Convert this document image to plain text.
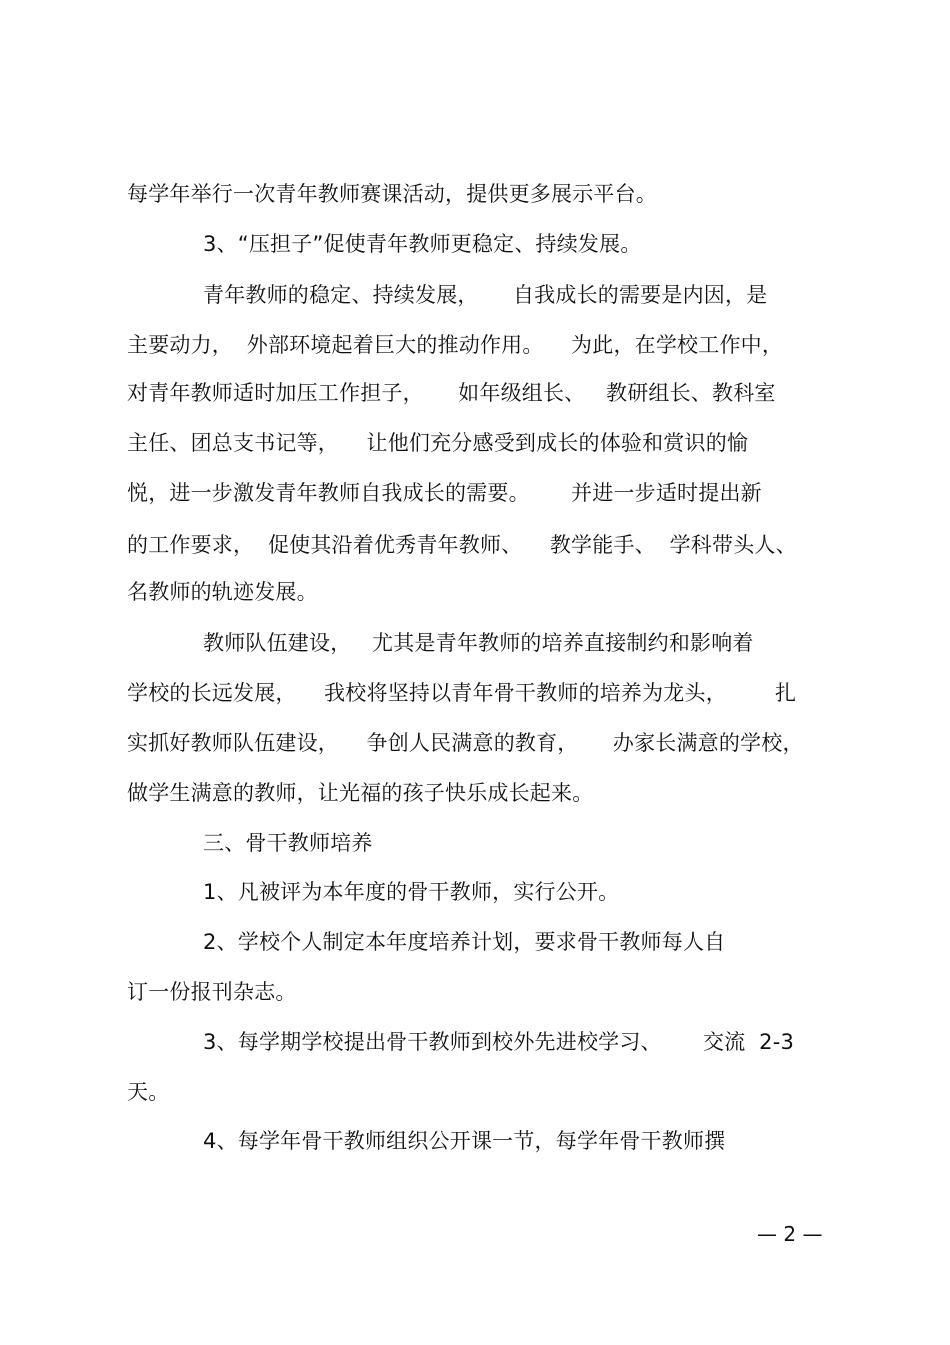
每学年举行一次青年教师赛课活动，提供更多展示平台。
3、“压担子”促使青年教师更稳定、持续发展。
青年教师的稳定、持续发展，     自我成长的需要是内因，是
主要动力，  外部环境起着巨大的推动作用。    为此，在学校工作中，
对青年教师适时加压工作担子，     如年级组长、   教研组长、教科室
主任、团总支书记等，    让他们充分感受到成长的体验和赏识的愉
悦，进一步激发青年教师自我成长的需要。      并进一步适时提出新
的工作要求，  促使其沿着优秀青年教师、    教学能手、  学科带头人、
名教师的轨迹发展。
教师队伍建设，   尤其是青年教师的培养直接制约和影响着
学校的长远发展，    我校将坚持以青年骨干教师的培养为龙头，       扎
实抓好教师队伍建设，    争创人民满意的教育，     办家长满意的学校，
做学生满意的教师，让光福的孩子快乐成长起来。
三、骨干教师培养
1、凡被评为本年度的骨干教师，实行公开。
2、学校个人制定本年度培养计划，要求骨干教师每人自
订一份报刊杂志。
3、每学期学校提出骨干教师到校外先进校学习、      交流  2-3
天。
4、每学年骨干教师组织公开课一节，每学年骨干教师撰
— 2 —
